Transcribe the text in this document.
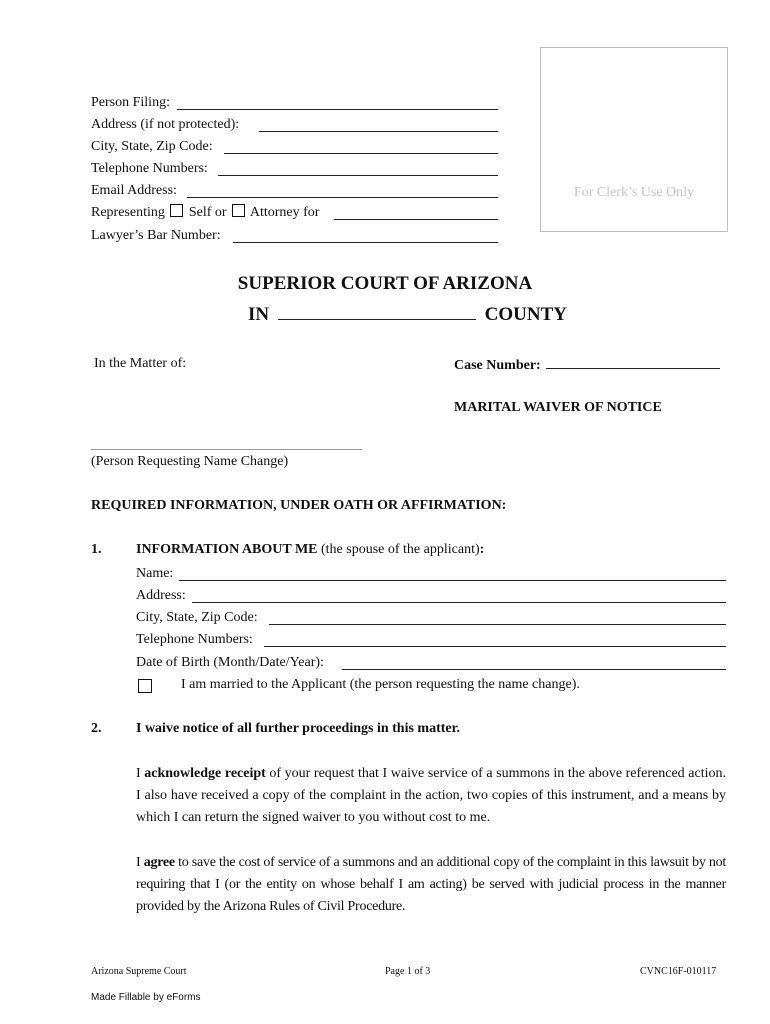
For Clerk’s Use Only
Person Filing:
Address (if not protected):
City, State, Zip Code:
Telephone Numbers:
Email Address:
Representing Self or Attorney for
Lawyer’s Bar Number:
SUPERIOR COURT OF ARIZONA
IN	COUNTY
In the Matter of:	Case Number:
MARITAL WAIVER OF NOTICE
(Person Requesting Name Change)
REQUIRED INFORMATION, UNDER OATH OR AFFIRMATION:
1. INFORMATION ABOUT ME (the spouse of the applicant):
Name:
Address:
City, State, Zip Code:
Telephone Numbers:
Date of Birth (Month/Date/Year):
I am married to the Applicant (the person requesting the name change).
2. I waive notice of all further proceedings in this matter.
I acknowledge receipt of your request that I waive service of a summons in the above referenced action. I also have received a copy of the complaint in the action, two copies of this instrument, and a means by which I can return the signed waiver to you without cost to me.
I agree to save the cost of service of a summons and an additional copy of the complaint in this lawsuit by not requiring that I (or the entity on whose behalf I am acting) be served with judicial process in the manner provided by the Arizona Rules of Civil Procedure.
Arizona Supreme Court	Page 1 of 3	CVNC16F-010117
Made Fillable by eForms
